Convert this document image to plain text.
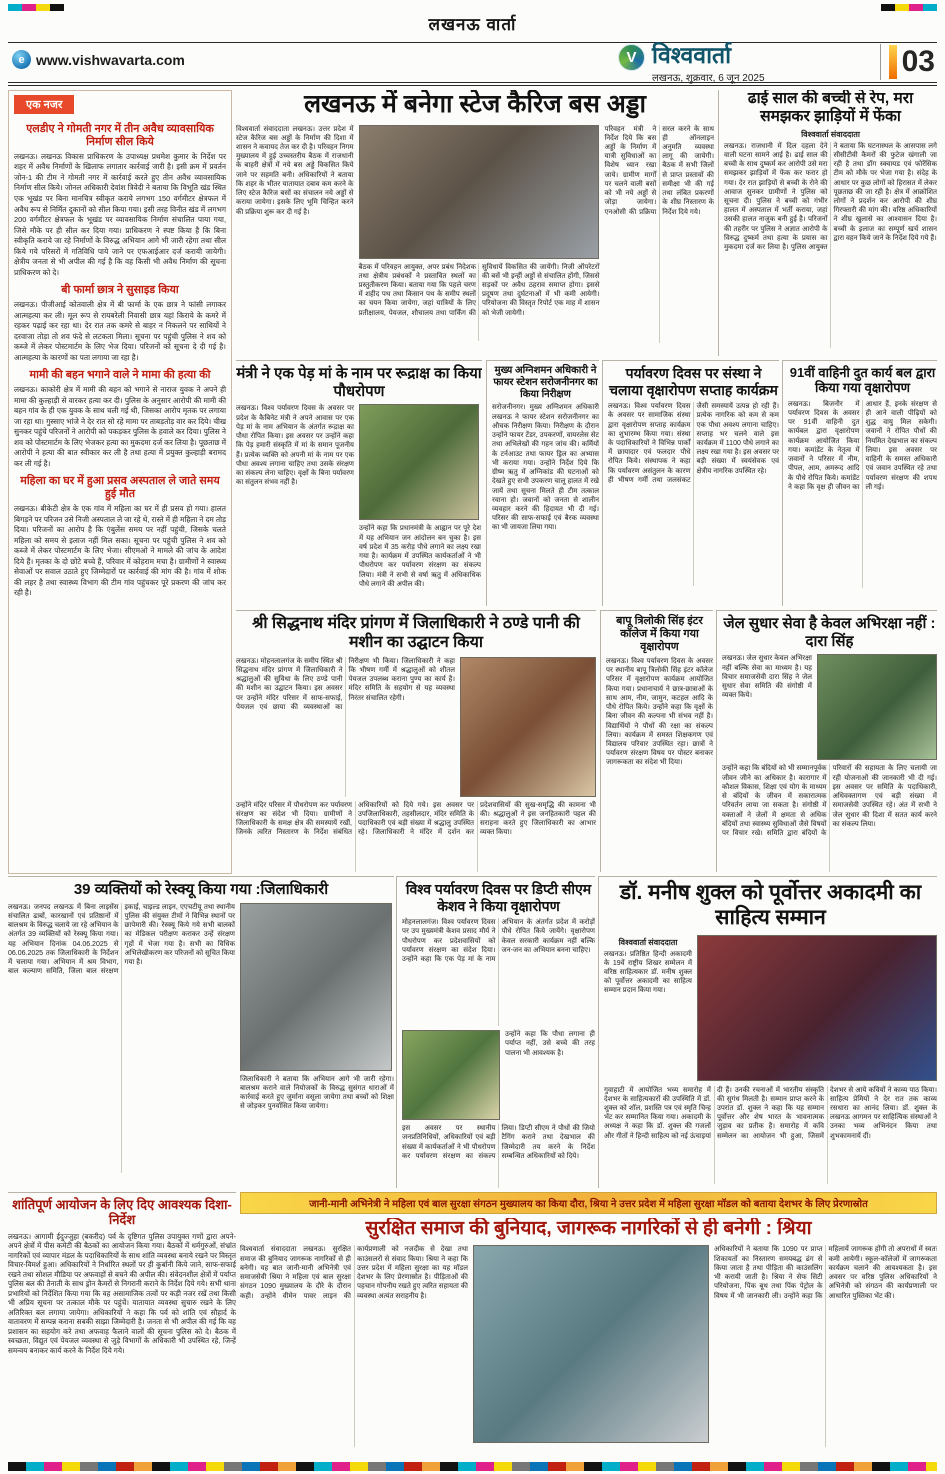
लखनऊ वार्ता
e www.vishwavarta.com	V विश्ववार्ता
लखनऊ, शुक्रवार, 6 जून 2025
03
एक नजर
एलडीए ने गोमती नगर में तीन अवैध व्यावसायिक निर्माण सील किये
लखनऊ। लखनऊ विकास प्राधिकरण के उपाध्यक्ष प्रथमेश कुमार के निर्देश पर शहर में अवैध निर्माणों के खिलाफ लगातार कार्रवाई जारी है। इसी क्रम में प्रवर्तन जोन-1 की टीम ने गोमती नगर में कार्रवाई करते हुए तीन अवैध व्यावसायिक निर्माण सील किये। जोनल अधिकारी देवांश त्रिवेदी ने बताया कि विभूति खंड स्थित एक भूखंड पर बिना मानचित्र स्वीकृत कराये लगभग 150 वर्गमीटर क्षेत्रफल में अवैध रूप से निर्मित दुकानों को सील किया गया। इसी तरह विनीत खंड में लगभग 200 वर्गमीटर क्षेत्रफल के भूखंड पर व्यावसायिक निर्माण संचालित पाया गया, जिसे मौके पर ही सील कर दिया गया। प्राधिकरण ने स्पष्ट किया है कि बिना स्वीकृति कराये जा रहे निर्माणों के विरुद्ध अभियान आगे भी जारी रहेगा तथा सील किये गये परिसरों में गतिविधि पाये जाने पर एफआईआर दर्ज करायी जायेगी। क्षेत्रीय जनता से भी अपील की गई है कि वह किसी भी अवैध निर्माण की सूचना प्राधिकरण को दे।
बी फार्मा छात्र ने सुसाइड किया
लखनऊ। पीजीआई कोतवाली क्षेत्र में बी फार्मा के एक छात्र ने फांसी लगाकर आत्महत्या कर ली। मूल रूप से रायबरेली निवासी छात्र यहां किराये के कमरे में रहकर पढ़ाई कर रहा था। देर रात तक कमरे से बाहर न निकलने पर साथियों ने दरवाजा तोड़ा तो शव फंदे से लटकता मिला। सूचना पर पहुंची पुलिस ने शव को कब्जे में लेकर पोस्टमार्टम के लिए भेज दिया। परिजनों को सूचना दे दी गई है। आत्महत्या के कारणों का पता लगाया जा रहा है।
मामी की बहन भगाने वाले ने मामा की हत्या की
लखनऊ। काकोरी क्षेत्र में मामी की बहन को भगाने से नाराज युवक ने अपने ही मामा की कुल्हाड़ी से वारकर हत्या कर दी। पुलिस के अनुसार आरोपी की मामी की बहन गांव के ही एक युवक के साथ चली गई थी, जिसका आरोप मृतक पर लगाया जा रहा था। गुस्साए भांजे ने देर रात सो रहे मामा पर ताबड़तोड़ वार कर दिये। चीख सुनकर पहुंचे परिजनों ने आरोपी को पकड़कर पुलिस के हवाले कर दिया। पुलिस ने शव को पोस्टमार्टम के लिए भेजकर हत्या का मुकदमा दर्ज कर लिया है। पूछताछ में आरोपी ने हत्या की बात स्वीकार कर ली है तथा हत्या में प्रयुक्त कुल्हाड़ी बरामद कर ली गई है।
महिला का घर में हुआ प्रसव अस्पताल ले जाते समय हुई मौत
लखनऊ। बीकेटी क्षेत्र के एक गांव में महिला का घर में ही प्रसव हो गया। हालत बिगड़ने पर परिजन उसे निजी अस्पताल ले जा रहे थे, रास्ते में ही महिला ने दम तोड़ दिया। परिजनों का आरोप है कि एंबुलेंस समय पर नहीं पहुंची, जिसके चलते महिला को समय से इलाज नहीं मिल सका। सूचना पर पहुंची पुलिस ने शव को कब्जे में लेकर पोस्टमार्टम के लिए भेजा। सीएमओ ने मामले की जांच के आदेश दिये हैं। मृतका के दो छोटे बच्चे हैं, परिवार में कोहराम मचा है। ग्रामीणों ने स्वास्थ्य सेवाओं पर सवाल उठाते हुए जिम्मेदारों पर कार्रवाई की मांग की है। गांव में शोक की लहर है तथा स्वास्थ्य विभाग की टीम गांव पहुंचकर पूरे प्रकरण की जांच कर रही है।
लखनऊ में बनेगा स्टेज कैरिज बस अड्डा
विश्ववार्ता संवाददाता लखनऊ। उत्तर प्रदेश में स्टेज कैरिज बस अड्डों के निर्माण की दिशा में शासन ने कवायद तेज कर दी है। परिवहन निगम मुख्यालय में हुई उच्चस्तरीय बैठक में राजधानी के बाहरी क्षेत्रों में नये बस अड्डे विकसित किये जाने पर सहमति बनी। अधिकारियों ने बताया कि शहर के भीतर यातायात दबाव कम करने के लिए स्टेज कैरिज बसों का संचालन नये अड्डों से कराया जायेगा। इसके लिए भूमि चिन्हित करने की प्रक्रिया शुरू कर दी गई है।
बैठक में परिवहन आयुक्त, अपर प्रबंध निदेशक तथा क्षेत्रीय प्रबंधकों ने प्रस्तावित स्थलों का प्रस्तुतीकरण किया। बताया गया कि पहले चरण में शहीद पथ तथा किसान पथ के समीप स्थलों का चयन किया जायेगा, जहां यात्रियों के लिए प्रतीक्षालय, पेयजल, शौचालय तथा पार्किंग की सुविधायें विकसित की जायेंगी। निजी ऑपरेटरों की बसें भी इन्हीं अड्डों से संचालित होंगी, जिससे सड़कों पर अवैध ठहराव समाप्त होगा। इससे प्रदूषण तथा दुर्घटनाओं में भी कमी आयेगी। परियोजना की विस्तृत रिपोर्ट एक माह में शासन को भेजी जायेगी।
परिवहन मंत्री ने निर्देश दिये कि बस अड्डों के निर्माण में यात्री सुविधाओं का विशेष ध्यान रखा जाये। ग्रामीण मार्गों पर चलने वाली बसों को भी नये अड्डों से जोड़ा जायेगा। एनओसी की प्रक्रिया सरल करने के साथ ही ऑनलाइन अनुमति व्यवस्था लागू की जायेगी। बैठक में सभी जिलों से प्राप्त प्रस्तावों की समीक्षा भी की गई तथा लंबित प्रकरणों के शीघ्र निस्तारण के निर्देश दिये गये।
ढाई साल की बच्ची से रेप, मरा समझकर झाड़ियों में फेंका
विश्ववार्ता संवाददाता
लखनऊ। राजधानी में दिल दहला देने वाली घटना सामने आई है। ढाई साल की बच्ची के साथ दुष्कर्म कर आरोपी उसे मरा समझकर झाड़ियों में फेंक कर फरार हो गया। देर रात झाड़ियों से बच्ची के रोने की आवाज सुनकर ग्रामीणों ने पुलिस को सूचना दी। पुलिस ने बच्ची को गंभीर हालत में अस्पताल में भर्ती कराया, जहां उसकी हालत नाजुक बनी हुई है। परिजनों की तहरीर पर पुलिस ने अज्ञात आरोपी के विरुद्ध दुष्कर्म तथा हत्या के प्रयास का मुकदमा दर्ज कर लिया है। पुलिस आयुक्त ने बताया कि घटनास्थल के आसपास लगे सीसीटीवी कैमरों की फुटेज खंगाली जा रही है तथा डॉग स्क्वायड एवं फोरेंसिक टीम को मौके पर भेजा गया है। संदेह के आधार पर कुछ लोगों को हिरासत में लेकर पूछताछ की जा रही है। क्षेत्र में आक्रोशित लोगों ने प्रदर्शन कर आरोपी की शीघ्र गिरफ्तारी की मांग की। वरिष्ठ अधिकारियों ने शीघ्र खुलासे का आश्वासन दिया है। बच्ची के इलाज का सम्पूर्ण खर्च शासन द्वारा वहन किये जाने के निर्देश दिये गये हैं।
मंत्री ने एक पेड़ मां के नाम पर रूद्राक्ष का किया पौधरोपण
लखनऊ। विश्व पर्यावरण दिवस के अवसर पर प्रदेश के कैबिनेट मंत्री ने अपने आवास पर एक पेड़ मां के नाम अभियान के अंतर्गत रूद्राक्ष का पौधा रोपित किया। इस अवसर पर उन्होंने कहा कि पेड़ हमारी संस्कृति में मां के समान पूजनीय हैं। प्रत्येक व्यक्ति को अपनी मां के नाम पर एक पौधा अवश्य लगाना चाहिए तथा उसके संरक्षण का संकल्प लेना चाहिए। वृक्षों के बिना पर्यावरण का संतुलन संभव नहीं है।
उन्होंने कहा कि प्रधानमंत्री के आह्वान पर पूरे देश में यह अभियान जन आंदोलन बन चुका है। इस वर्ष प्रदेश में 35 करोड़ पौधे लगाने का लक्ष्य रखा गया है। कार्यक्रम में उपस्थित कार्यकर्ताओं ने भी पौधरोपण कर पर्यावरण संरक्षण का संकल्प लिया। मंत्री ने सभी से वर्षा ऋतु में अधिकाधिक पौधे लगाने की अपील की।
मुख्य अग्निशमन अधिकारी ने फायर स्टेशन सरोजनीनगर का किया निरीक्षण
सरोजनीनगर। मुख्य अग्निशमन अधिकारी लखनऊ ने फायर स्टेशन सरोजनीनगर का औचक निरीक्षण किया। निरीक्षण के दौरान उन्होंने फायर टेंडर, उपकरणों, वायरलेस सेट तथा अभिलेखों की गहन जांच की। कर्मियों के टर्नआउट तथा फायर ड्रिल का अभ्यास भी कराया गया। उन्होंने निर्देश दिये कि ग्रीष्म ऋतु में अग्निकांड की घटनाओं को देखते हुए सभी उपकरण चालू हालत में रखे जायें तथा सूचना मिलते ही टीम तत्काल रवाना हो। जवानों को जनता से शालीन व्यवहार करने की हिदायत भी दी गई। परिसर की साफ-सफाई एवं बैरक व्यवस्था का भी जायजा लिया गया।
पर्यावरण दिवस पर संस्था ने चलाया वृक्षारोपण सप्ताह कार्यक्रम
लखनऊ। विश्व पर्यावरण दिवस के अवसर पर सामाजिक संस्था द्वारा वृक्षारोपण सप्ताह कार्यक्रम का शुभारम्भ किया गया। संस्था के पदाधिकारियों ने विभिन्न पार्कों में छायादार एवं फलदार पौधे रोपित किये। संस्थापक ने कहा कि पर्यावरण असंतुलन के कारण ही भीषण गर्मी तथा जलसंकट जैसी समस्यायें उत्पन्न हो रही हैं। प्रत्येक नागरिक को कम से कम एक पौधा अवश्य लगाना चाहिए। सप्ताह भर चलने वाले इस कार्यक्रम में 1100 पौधे लगाने का लक्ष्य रखा गया है। इस अवसर पर बड़ी संख्या में स्वयंसेवक एवं क्षेत्रीय नागरिक उपस्थित रहे।
91वीं वाहिनी दुत कार्य बल द्वारा किया गया वृक्षारोपण
लखनऊ। बिजनौर में पर्यावरण दिवस के अवसर पर 91वीं वाहिनी दुत कार्यबल द्वारा वृक्षारोपण कार्यक्रम आयोजित किया गया। कमांडेंट के नेतृत्व में जवानों ने परिसर में नीम, पीपल, आम, अमरूद आदि के पौधे रोपित किये। कमांडेंट ने कहा कि वृक्ष ही जीवन का आधार हैं, इनके संरक्षण से ही आने वाली पीढ़ियों को शुद्ध वायु मिल सकेगी। जवानों ने रोपित पौधों की नियमित देखभाल का संकल्प लिया। इस अवसर पर वाहिनी के समस्त अधिकारी एवं जवान उपस्थित रहे तथा पर्यावरण संरक्षण की शपथ ली गई।
श्री सिद्धनाथ मंदिर प्रांगण में जिलाधिकारी ने ठण्डे पानी की मशीन का उद्घाटन किया
लखनऊ। मोहनलालगंज के समीप स्थित श्री सिद्धनाथ मंदिर प्रांगण में जिलाधिकारी ने श्रद्धालुओं की सुविधा के लिए ठण्डे पानी की मशीन का उद्घाटन किया। इस अवसर पर उन्होंने मंदिर परिसर में साफ-सफाई, पेयजल एवं छाया की व्यवस्थाओं का निरीक्षण भी किया। जिलाधिकारी ने कहा कि भीषण गर्मी में श्रद्धालुओं को शीतल पेयजल उपलब्ध कराना पुण्य का कार्य है। मंदिर समिति के सहयोग से यह व्यवस्था निरंतर संचालित रहेगी।
उन्होंने मंदिर परिसर में पौधरोपण कर पर्यावरण संरक्षण का संदेश भी दिया। ग्रामीणों ने जिलाधिकारी के समक्ष क्षेत्र की समस्यायें रखीं, जिनके त्वरित निस्तारण के निर्देश संबंधित अधिकारियों को दिये गये। इस अवसर पर उपजिलाधिकारी, तहसीलदार, मंदिर समिति के पदाधिकारी एवं बड़ी संख्या में श्रद्धालु उपस्थित रहे। जिलाधिकारी ने मंदिर में दर्शन कर प्रदेशवासियों की सुख-समृद्धि की कामना भी की। श्रद्धालुओं ने इस जनहितकारी पहल की सराहना करते हुए जिलाधिकारी का आभार व्यक्त किया।
बापू त्रिलोकी सिंह इंटर कॉलेज में किया गया वृक्षारोपण
लखनऊ। विश्व पर्यावरण दिवस के अवसर पर स्थानीय बापू त्रिलोकी सिंह इंटर कॉलेज परिसर में वृक्षारोपण कार्यक्रम आयोजित किया गया। प्रधानाचार्य ने छात्र-छात्राओं के साथ आम, नीम, जामुन, कटहल आदि के पौधे रोपित किये। उन्होंने कहा कि वृक्षों के बिना जीवन की कल्पना भी संभव नहीं है। विद्यार्थियों ने पौधों की रक्षा का संकल्प लिया। कार्यक्रम में समस्त शिक्षकगण एवं विद्यालय परिवार उपस्थित रहा। छात्रों ने पर्यावरण संरक्षण विषय पर पोस्टर बनाकर जागरूकता का संदेश भी दिया।
जेल सुधार सेवा है केवल अभिरक्षा नहीं : दारा सिंह
लखनऊ। जेल सुधार केवल अभिरक्षा नहीं बल्कि सेवा का माध्यम है। यह विचार समाजसेवी दारा सिंह ने जेल सुधार सेवा समिति की संगोष्ठी में व्यक्त किये।
उन्होंने कहा कि बंदियों को भी सम्मानपूर्वक जीवन जीने का अधिकार है। कारागार में कौशल विकास, शिक्षा एवं योग के माध्यम से बंदियों के जीवन में सकारात्मक परिवर्तन लाया जा सकता है। संगोष्ठी में वक्ताओं ने जेलों में क्षमता से अधिक बंदियों तथा स्वास्थ्य सुविधाओं जैसे विषयों पर विचार रखे। समिति द्वारा बंदियों के परिवारों की सहायता के लिए चलायी जा रही योजनाओं की जानकारी भी दी गई। इस अवसर पर समिति के पदाधिकारी, अधिवक्तागण एवं बड़ी संख्या में समाजसेवी उपस्थित रहे। अंत में सभी ने जेल सुधार की दिशा में सतत कार्य करने का संकल्प लिया।
39 व्यक्तियों को रेस्क्यू किया गया :जिलाधिकारी
लखनऊ। जनपद लखनऊ में बिना लाइसेंस संचालित ढाबों, कारखानों एवं प्रतिष्ठानों में बालश्रम के विरुद्ध चलाये जा रहे अभियान के अंतर्गत 39 व्यक्तियों को रेस्क्यू किया गया। यह अभियान दिनांक 04.06.2025 से 06.06.2025 तक जिलाधिकारी के निर्देशन में चलाया गया। अभियान में श्रम विभाग, बाल कल्याण समिति, जिला बाल संरक्षण इकाई, चाइल्ड लाइन, एएचटीयू तथा स्थानीय पुलिस की संयुक्त टीमों ने विभिन्न स्थानों पर छापेमारी की। रेस्क्यू किये गये सभी बालकों का मेडिकल परीक्षण कराकर उन्हें संरक्षण गृहों में भेजा गया है। सभी का विधिक अभिलेखीकरण कर परिजनों को सूचित किया गया है।
जिलाधिकारी ने बताया कि अभियान आगे भी जारी रहेगा। बालश्रम कराने वाले नियोजकों के विरुद्ध सुसंगत धाराओं में कार्रवाई करते हुए जुर्माना वसूला जायेगा तथा बच्चों को शिक्षा से जोड़कर पुनर्वासित किया जायेगा।
विश्व पर्यावरण दिवस पर डिप्टी सीएम केशव ने किया वृक्षारोपण
मोहनलालगंज। विश्व पर्यावरण दिवस पर उप मुख्यमंत्री केशव प्रसाद मौर्य ने पौधरोपण कर प्रदेशवासियों को पर्यावरण संरक्षण का संदेश दिया। उन्होंने कहा कि एक पेड़ मां के नाम अभियान के अंतर्गत प्रदेश में करोड़ों पौधे रोपित किये जायेंगे। वृक्षारोपण केवल सरकारी कार्यक्रम नहीं बल्कि जन-जन का अभियान बनना चाहिए।
उन्होंने कहा कि पौधा लगाना ही पर्याप्त नहीं, उसे बच्चे की तरह पालना भी आवश्यक है।
इस अवसर पर स्थानीय जनप्रतिनिधियों, अधिकारियों एवं बड़ी संख्या में कार्यकर्ताओं ने भी पौधरोपण कर पर्यावरण संरक्षण का संकल्प लिया। डिप्टी सीएम ने पौधों की जियो टैगिंग कराने तथा देखभाल की जिम्मेदारी तय करने के निर्देश सम्बन्धित अधिकारियों को दिये।
डॉ. मनीष शुक्ल को पूर्वोत्तर अकादमी का साहित्य सम्मान
विश्ववार्ता संवाददाता
लखनऊ। प्रतिष्ठित हिन्दी अकादमी के 19वें राष्ट्रीय शिखर सम्मेलन में वरिष्ठ साहित्यकार डॉ. मनीष शुक्ल को पूर्वोत्तर अकादमी का साहित्य सम्मान प्रदान किया गया।
गुवाहाटी में आयोजित भव्य समारोह में देशभर के साहित्यकारों की उपस्थिति में डॉ. शुक्ल को शॉल, प्रशस्ति पत्र एवं स्मृति चिन्ह भेंट कर सम्मानित किया गया। अकादमी के अध्यक्ष ने कहा कि डॉ. शुक्ल की गजलों और गीतों ने हिन्दी साहित्य को नई ऊंचाइयां दी हैं। उनकी रचनाओं में भारतीय संस्कृति की सुगंध मिलती है। सम्मान प्राप्त करने के उपरांत डॉ. शुक्ल ने कहा कि यह सम्मान पूर्वोत्तर और शेष भारत के भावनात्मक जुड़ाव का प्रतीक है। समारोह में कवि सम्मेलन का आयोजन भी हुआ, जिसमें देशभर से आये कवियों ने काव्य पाठ किया। साहित्य प्रेमियों ने देर रात तक काव्य रसधारा का आनंद लिया। डॉ. शुक्ल के लखनऊ आगमन पर साहित्यिक संस्थाओं ने उनका भव्य अभिनंदन किया तथा शुभकामनायें दीं।
शांतिपूर्ण आयोजन के लिए दिए आवश्यक दिशा- निर्देश
लखनऊ। आगामी ईदुज्जुहा (बकरीद) पर्व के दृष्टिगत पुलिस उपायुक्त गणों द्वारा अपने-अपने क्षेत्रों में पीस कमेटी की बैठकों का आयोजन किया गया। बैठकों में धर्मगुरुओं, संभ्रांत नागरिकों एवं व्यापार मंडल के पदाधिकारियों के साथ शांति व्यवस्था बनाये रखने पर विस्तृत विचार-विमर्श हुआ। अधिकारियों ने निर्धारित स्थलों पर ही कुर्बानी किये जाने, साफ-सफाई रखने तथा सोशल मीडिया पर अफवाहों से बचने की अपील की। संवेदनशील क्षेत्रों में पर्याप्त पुलिस बल की तैनाती के साथ ड्रोन कैमरों से निगरानी कराने के निर्देश दिये गये। सभी थाना प्रभारियों को निर्देशित किया गया कि वह असामाजिक तत्वों पर कड़ी नजर रखें तथा किसी भी अप्रिय सूचना पर तत्काल मौके पर पहुंचें। यातायात व्यवस्था सुचारु रखने के लिए अतिरिक्त बल लगाया जायेगा। अधिकारियों ने कहा कि पर्व को शांति एवं सौहार्द के वातावरण में सम्पन्न कराना सबकी साझा जिम्मेदारी है। जनता से भी अपील की गई कि वह प्रशासन का सहयोग करे तथा अफवाह फैलाने वालों की सूचना पुलिस को दे। बैठक में स्वच्छता, विद्युत एवं पेयजल व्यवस्था से जुड़े विभागों के अधिकारी भी उपस्थित रहे, जिन्हें समन्वय बनाकर कार्य करने के निर्देश दिये गये।
जानी-मानी अभिनेत्री ने महिला एवं बाल सुरक्षा संगठन मुख्यालय का किया दौरा, श्रिया ने उत्तर प्रदेश में महिला सुरक्षा मॉडल को बताया देशभर के लिए प्रेरणास्रोत
सुरक्षित समाज की बुनियाद, जागरूक नागरिकों से ही बनेगी : श्रिया
विश्ववार्ता संवाददाता लखनऊ। सुरक्षित समाज की बुनियाद जागरूक नागरिकों से ही बनेगी। यह बात जानी-मानी अभिनेत्री एवं समाजसेवी श्रिया ने महिला एवं बाल सुरक्षा संगठन 1090 मुख्यालय के दौरे के दौरान कही। उन्होंने वीमेन पावर लाइन की कार्यप्रणाली को नजदीक से देखा तथा काउंसलरों से संवाद किया। श्रिया ने कहा कि उत्तर प्रदेश में महिला सुरक्षा का यह मॉडल देशभर के लिए प्रेरणास्रोत है। पीड़िताओं की पहचान गोपनीय रखते हुए त्वरित सहायता की व्यवस्था अत्यंत सराहनीय है।
अधिकारियों ने बताया कि 1090 पर प्राप्त शिकायतों का निस्तारण समयबद्ध ढंग से किया जाता है तथा पीड़िता की काउंसलिंग भी करायी जाती है। श्रिया ने सेफ सिटी परियोजना, पिंक बूथ तथा पिंक पेट्रोल के विषय में भी जानकारी ली। उन्होंने कहा कि महिलायें जागरूक होंगी तो अपराधों में स्वतः कमी आयेगी। स्कूल-कॉलेजों में जागरूकता कार्यक्रम चलाने की आवश्यकता है। इस अवसर पर वरिष्ठ पुलिस अधिकारियों ने अभिनेत्री को संगठन की कार्यप्रणाली पर आधारित पुस्तिका भेंट की।
